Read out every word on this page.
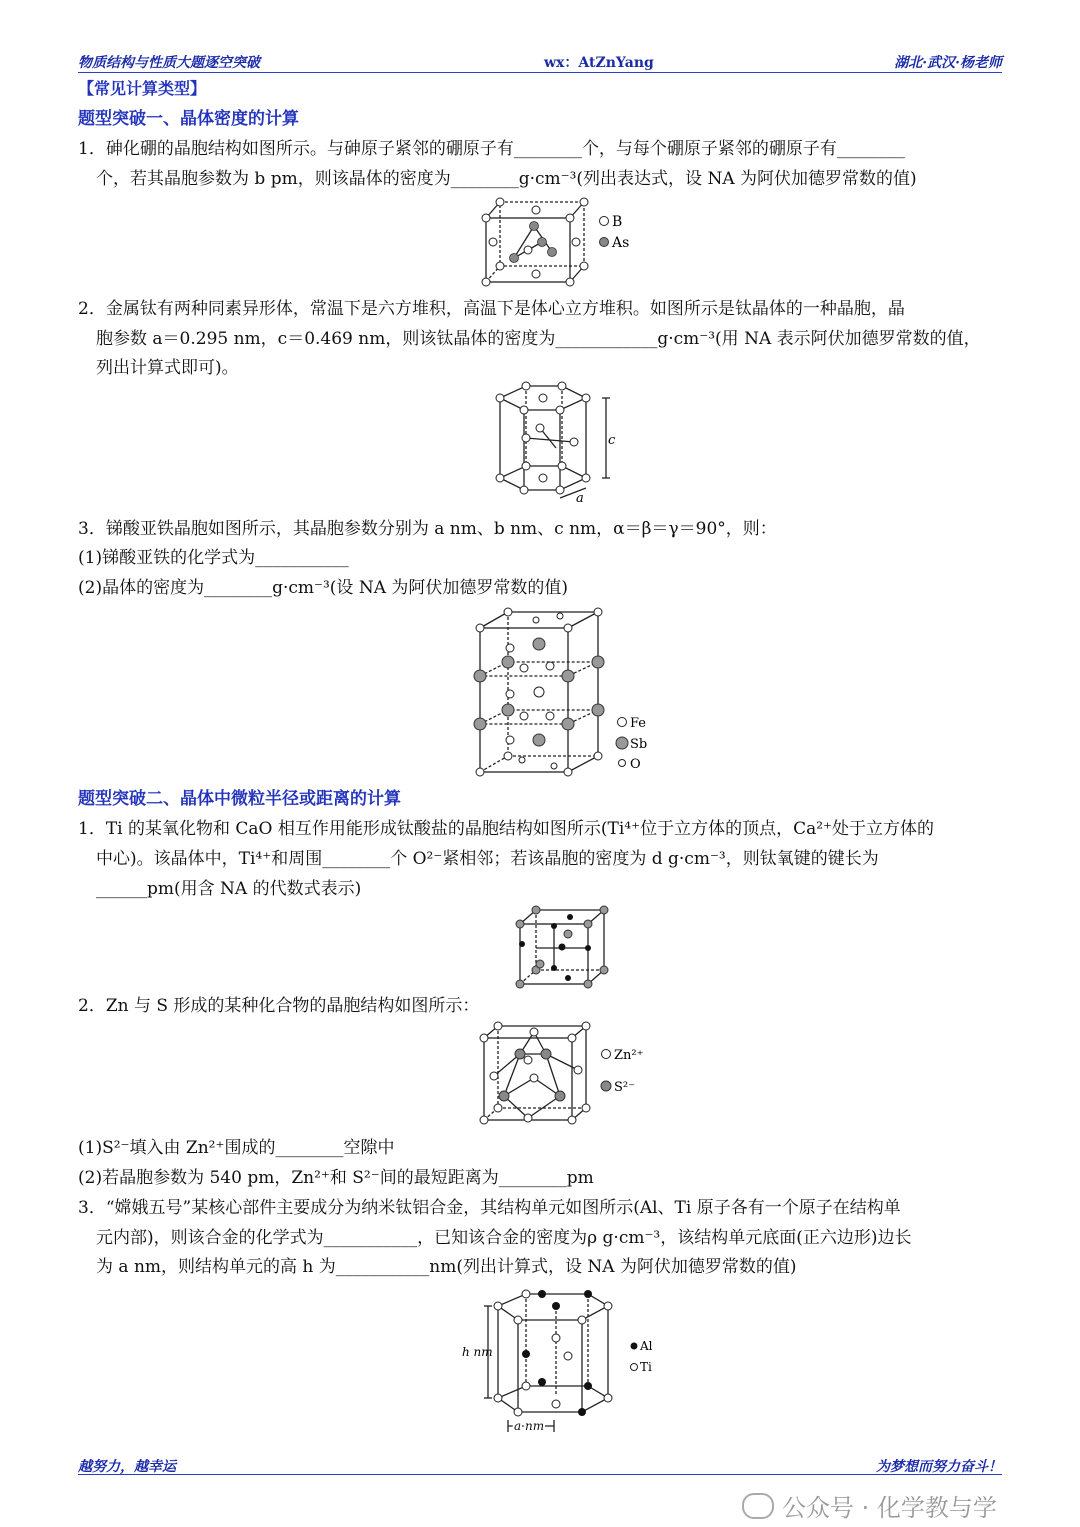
物质结构与性质大题逐空突破	wx：AtZnYang	湖北·武汉·杨老师
【常见计算类型】
题型突破一、晶体密度的计算
1．砷化硼的晶胞结构如图所示。与砷原子紧邻的硼原子有________个，与每个硼原子紧邻的硼原子有________
个，若其晶胞参数为 b pm，则该晶体的密度为________g·cm⁻³(列出表达式，设 NA 为阿伏加德罗常数的值)
B
As
2．金属钛有两种同素异形体，常温下是六方堆积，高温下是体心立方堆积。如图所示是钛晶体的一种晶胞，晶
胞参数 a＝0.295 nm，c＝0.469 nm，则该钛晶体的密度为____________g·cm⁻³(用 NA 表示阿伏加德罗常数的值，
列出计算式即可)。
c
a
3．锑酸亚铁晶胞如图所示，其晶胞参数分别为 a nm、b nm、c nm，α＝β＝γ＝90°，则：
(1)锑酸亚铁的化学式为___________
(2)晶体的密度为________g·cm⁻³(设 NA 为阿伏加德罗常数的值)
Fe
Sb
O
题型突破二、晶体中微粒半径或距离的计算
1．Ti 的某氧化物和 CaO 相互作用能形成钛酸盐的晶胞结构如图所示(Ti⁴⁺位于立方体的顶点，Ca²⁺处于立方体的
中心)。该晶体中，Ti⁴⁺和周围________个 O²⁻紧相邻；若该晶胞的密度为 d g·cm⁻³，则钛氧键的键长为
______pm(用含 NA 的代数式表示)
2．Zn 与 S 形成的某种化合物的晶胞结构如图所示：
Zn²⁺
S²⁻
(1)S²⁻填入由 Zn²⁺围成的________空隙中
(2)若晶胞参数为 540 pm，Zn²⁺和 S²⁻间的最短距离为________pm
3．“嫦娥五号”某核心部件主要成分为纳米钛铝合金，其结构单元如图所示(Al、Ti 原子各有一个原子在结构单
元内部)，则该合金的化学式为___________，已知该合金的密度为ρ g·cm⁻³，该结构单元底面(正六边形)边长
为 a nm，则结构单元的高 h 为___________nm(列出计算式，设 NA 为阿伏加德罗常数的值)
Al
Ti
h nm
a nm
越努力，越幸运	为梦想而努力奋斗！
公众号 · 化学教与学
